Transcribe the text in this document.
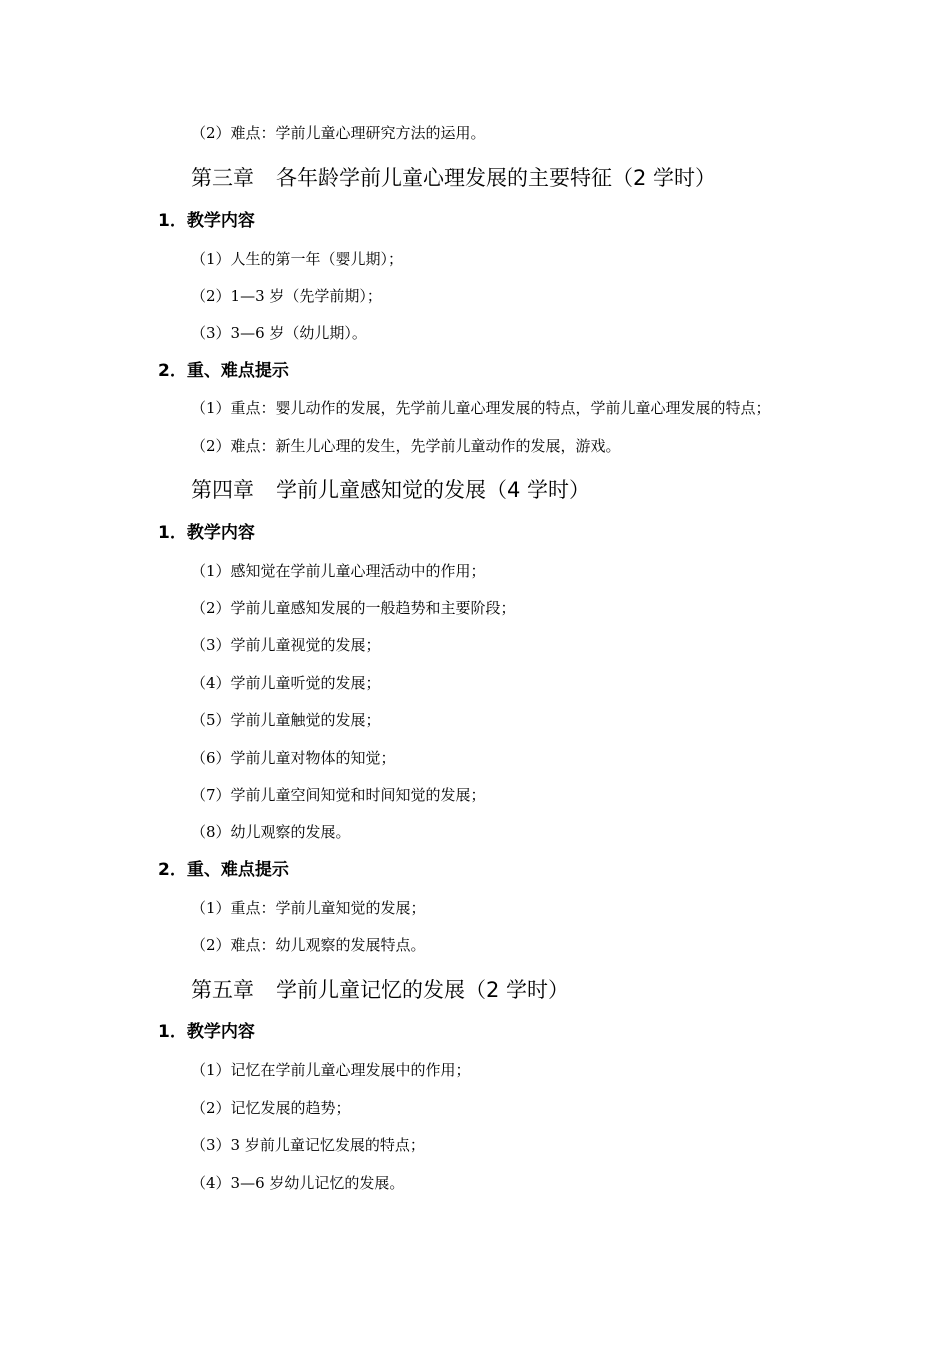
（2）难点：学前儿童心理研究方法的运用。
第三章 各年龄学前儿童心理发展的主要特征（2 学时）
1．教学内容
（1）人生的第一年（婴儿期）；
（2）1—3 岁（先学前期）；
（3）3—6 岁（幼儿期）。
2．重、难点提示
（1）重点：婴儿动作的发展，先学前儿童心理发展的特点，学前儿童心理发展的特点；
（2）难点：新生儿心理的发生，先学前儿童动作的发展，游戏。
第四章 学前儿童感知觉的发展（4 学时）
1．教学内容
（1）感知觉在学前儿童心理活动中的作用；
（2）学前儿童感知发展的一般趋势和主要阶段；
（3）学前儿童视觉的发展；
（4）学前儿童听觉的发展；
（5）学前儿童触觉的发展；
（6）学前儿童对物体的知觉；
（7）学前儿童空间知觉和时间知觉的发展；
（8）幼儿观察的发展。
2．重、难点提示
（1）重点：学前儿童知觉的发展；
（2）难点：幼儿观察的发展特点。
第五章 学前儿童记忆的发展（2 学时）
1．教学内容
（1）记忆在学前儿童心理发展中的作用；
（2）记忆发展的趋势；
（3）3 岁前儿童记忆发展的特点；
（4）3—6 岁幼儿记忆的发展。
